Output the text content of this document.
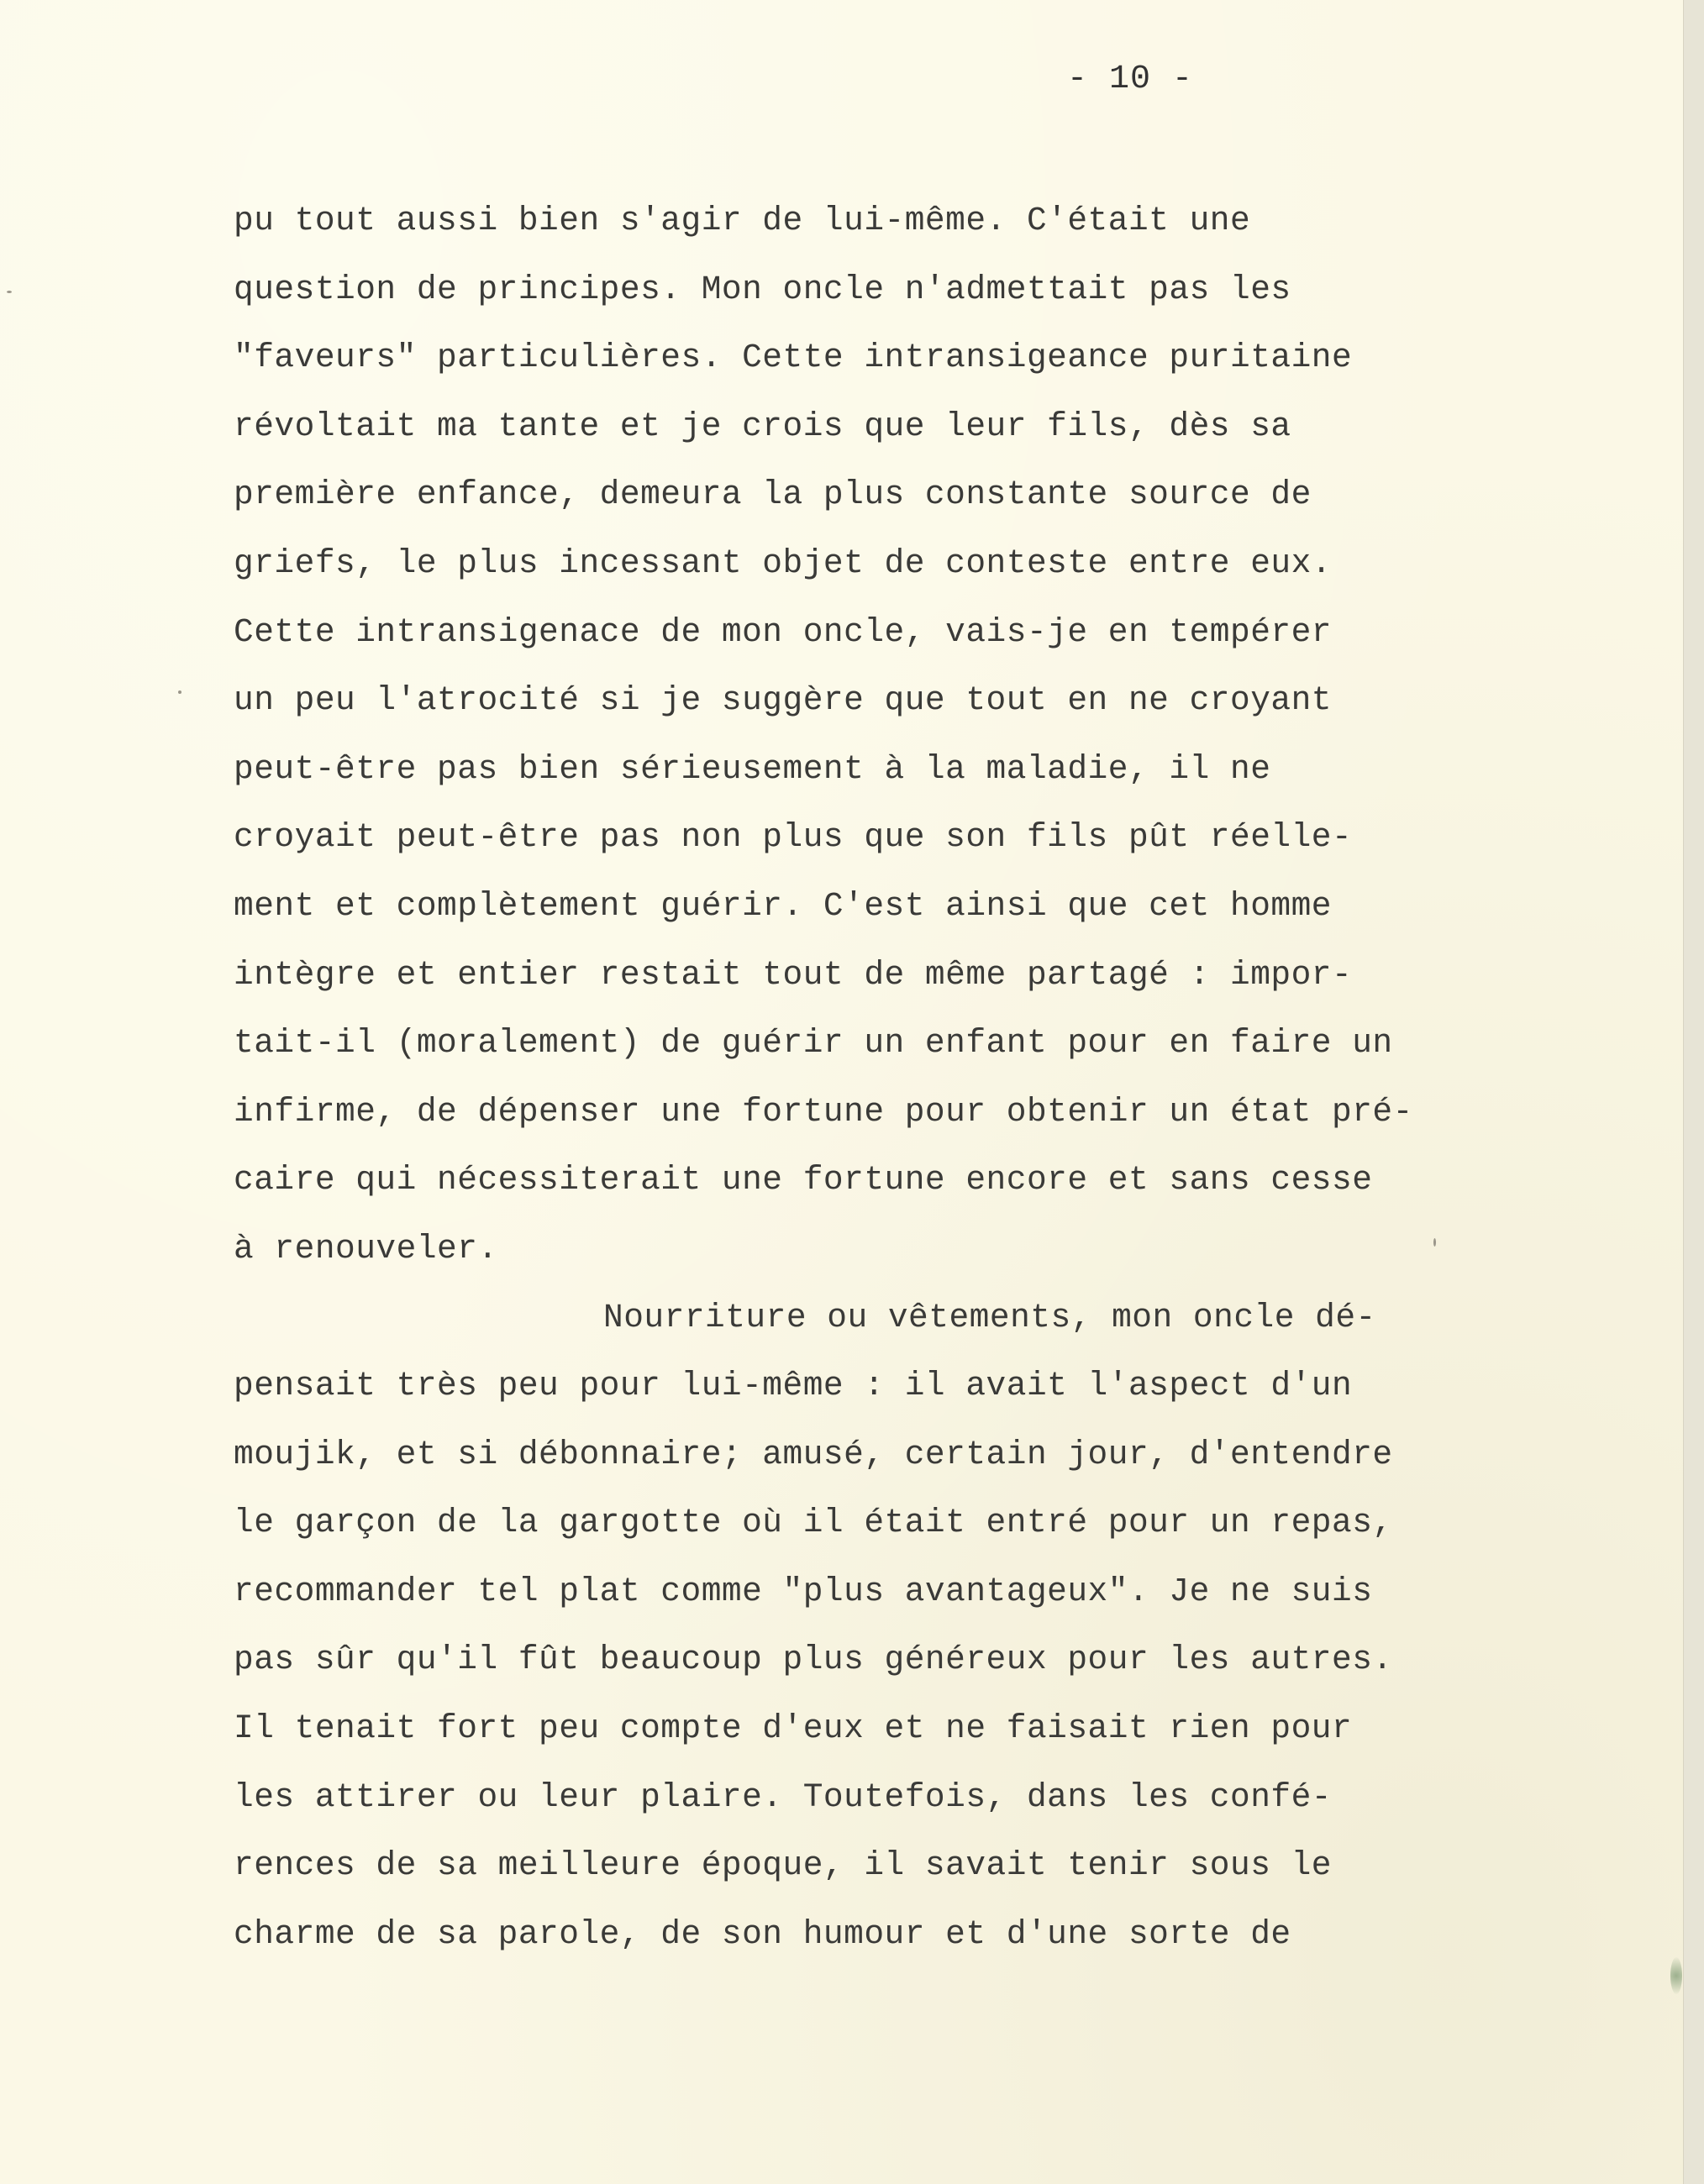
- 10 -
pu tout aussi bien s'agir de lui-même. C'était une
question de principes. Mon oncle n'admettait pas les
"faveurs" particulières. Cette intransigeance puritaine
révoltait ma tante et je crois que leur fils, dès sa
première enfance, demeura la plus constante source de
griefs, le plus incessant objet de conteste entre eux.
Cette intransigenace de mon oncle, vais-je en tempérer
un peu l'atrocité si je suggère que tout en ne croyant
peut-être pas bien sérieusement à la maladie, il ne
croyait peut-être pas non plus que son fils pût réelle-
ment et complètement guérir. C'est ainsi que cet homme
intègre et entier restait tout de même partagé : impor-
tait-il (moralement) de guérir un enfant pour en faire un
infirme, de dépenser une fortune pour obtenir un état pré-
caire qui nécessiterait une fortune encore et sans cesse
à renouveler.
Nourriture ou vêtements, mon oncle dé-
pensait très peu pour lui-même : il avait l'aspect d'un
moujik, et si débonnaire; amusé, certain jour, d'entendre
le garçon de la gargotte où il était entré pour un repas,
recommander tel plat comme "plus avantageux". Je ne suis
pas sûr qu'il fût beaucoup plus généreux pour les autres.
Il tenait fort peu compte d'eux et ne faisait rien pour
les attirer ou leur plaire. Toutefois, dans les confé-
rences de sa meilleure époque, il savait tenir sous le
charme de sa parole, de son humour et d'une sorte de
